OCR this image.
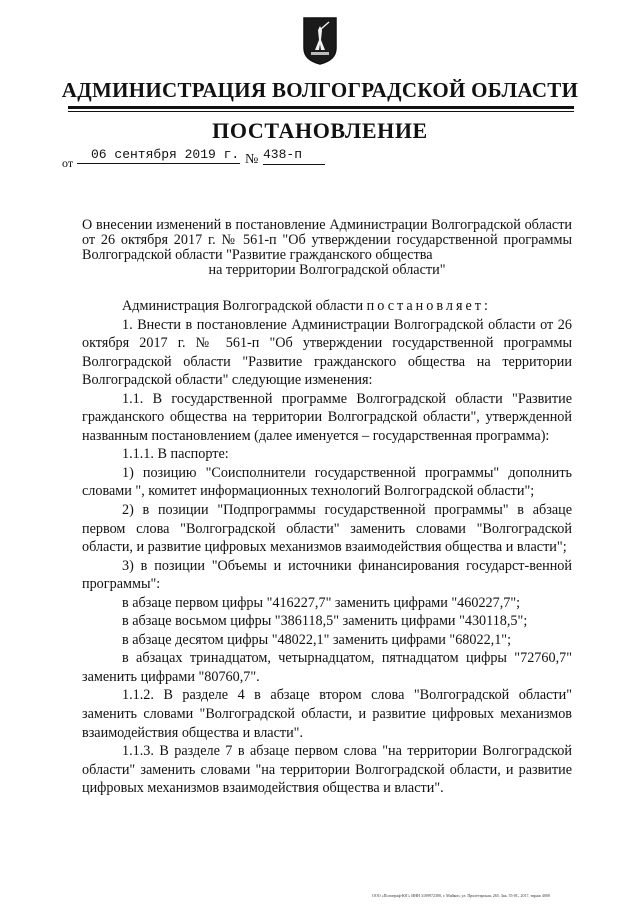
АДМИНИСТРАЦИЯ ВОЛГОГРАДСКОЙ ОБЛАСТИ
ПОСТАНОВЛЕНИЕ
от
06 сентября 2019 г. № 438-п
О внесении изменений в постановление Администрации Волгоградской области от 26 октября 2017 г. № 561-п "Об утверждении государственной программы Волгоградской области "Развитие гражданского общества
на территории Волгоградской области"

Администрация Волгоградской области постановляет:

1. Внести в постановление Администрации Волгоградской области от 26 октября 2017 г. № 561-п "Об утверждении государственной программы Волгоградской области "Развитие гражданского общества на территории Волгоградской области" следующие изменения:

1.1. В государственной программе Волгоградской области "Развитие гражданского общества на территории Волгоградской области", утвержденной названным постановлением (далее именуется – государственная программа):

1.1.1. В паспорте:

1) позицию "Соисполнители государственной программы" дополнить словами ", комитет информационных технологий Волгоградской области";

2) в позиции "Подпрограммы государственной программы" в абзаце первом слова "Волгоградской области" заменить словами "Волгоградской области, и развитие цифровых механизмов взаимодействия общества и власти";

3) в позиции "Объемы и источники финансирования государст-венной программы":

в абзаце первом цифры "416227,7" заменить цифрами "460227,7";

в абзаце восьмом цифры "386118,5" заменить цифрами "430118,5";

в абзаце десятом цифры "48022,1" заменить цифрами "68022,1";

в абзацах тринадцатом, четырнадцатом, пятнадцатом цифры "72760,7" заменить цифрами "80760,7".

1.1.2. В разделе 4 в абзаце втором слова "Волгоградской области" заменить словами "Волгоградской области, и развитие цифровых механизмов взаимодействия общества и власти".

1.1.3. В разделе 7 в абзаце первом слова "на территории Волгоградской области" заменить словами "на территории Волгоградской области, и развитие цифровых механизмов взаимодействия общества и власти".

ООО «Полиграф-ЮГ» ИНН 3109972300, г. Майкоп, ул. Пролетарская, 265. Зак. 55-0С, 2017, тираж 4000
